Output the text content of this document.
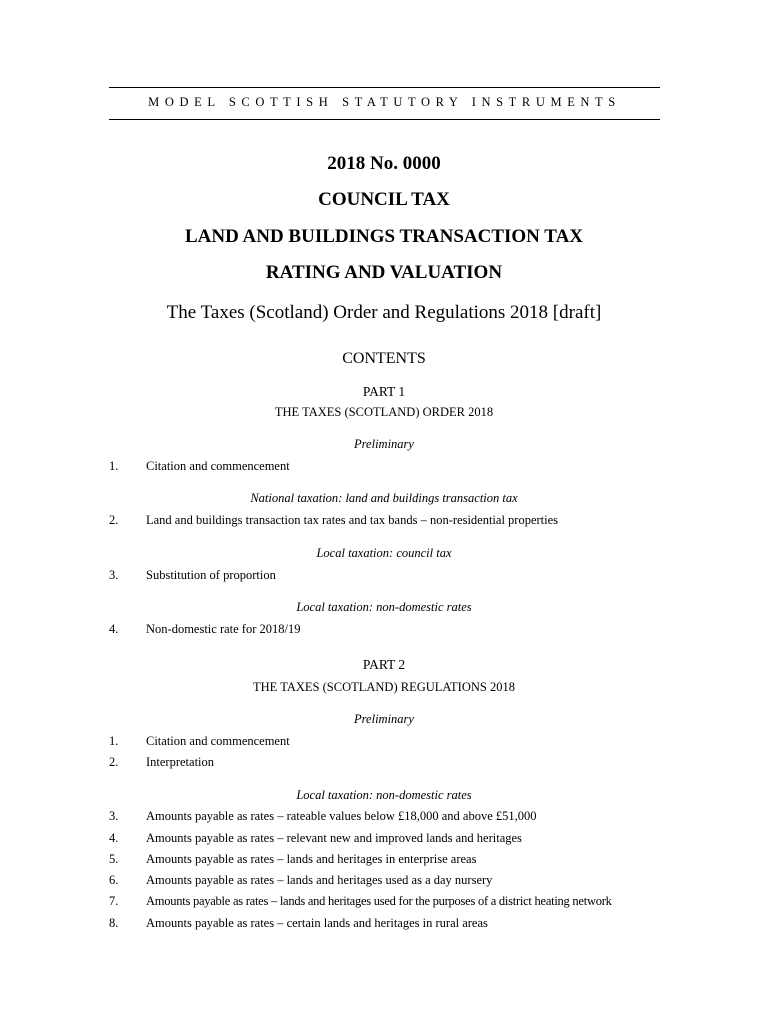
MODEL SCOTTISH STATUTORY INSTRUMENTS
2018 No. 0000
COUNCIL TAX
LAND AND BUILDINGS TRANSACTION TAX
RATING AND VALUATION
The Taxes (Scotland) Order and Regulations 2018 [draft]
CONTENTS
PART 1
THE TAXES (SCOTLAND) ORDER 2018
Preliminary
1. Citation and commencement
National taxation: land and buildings transaction tax
2. Land and buildings transaction tax rates and tax bands – non-residential properties
Local taxation: council tax
3. Substitution of proportion
Local taxation: non-domestic rates
4. Non-domestic rate for 2018/19
PART 2
THE TAXES (SCOTLAND) REGULATIONS 2018
Preliminary
1. Citation and commencement
2. Interpretation
Local taxation: non-domestic rates
3. Amounts payable as rates – rateable values below £18,000 and above £51,000
4. Amounts payable as rates – relevant new and improved lands and heritages
5. Amounts payable as rates – lands and heritages in enterprise areas
6. Amounts payable as rates – lands and heritages used as a day nursery
7. Amounts payable as rates – lands and heritages used for the purposes of a district heating network
8. Amounts payable as rates – certain lands and heritages in rural areas
